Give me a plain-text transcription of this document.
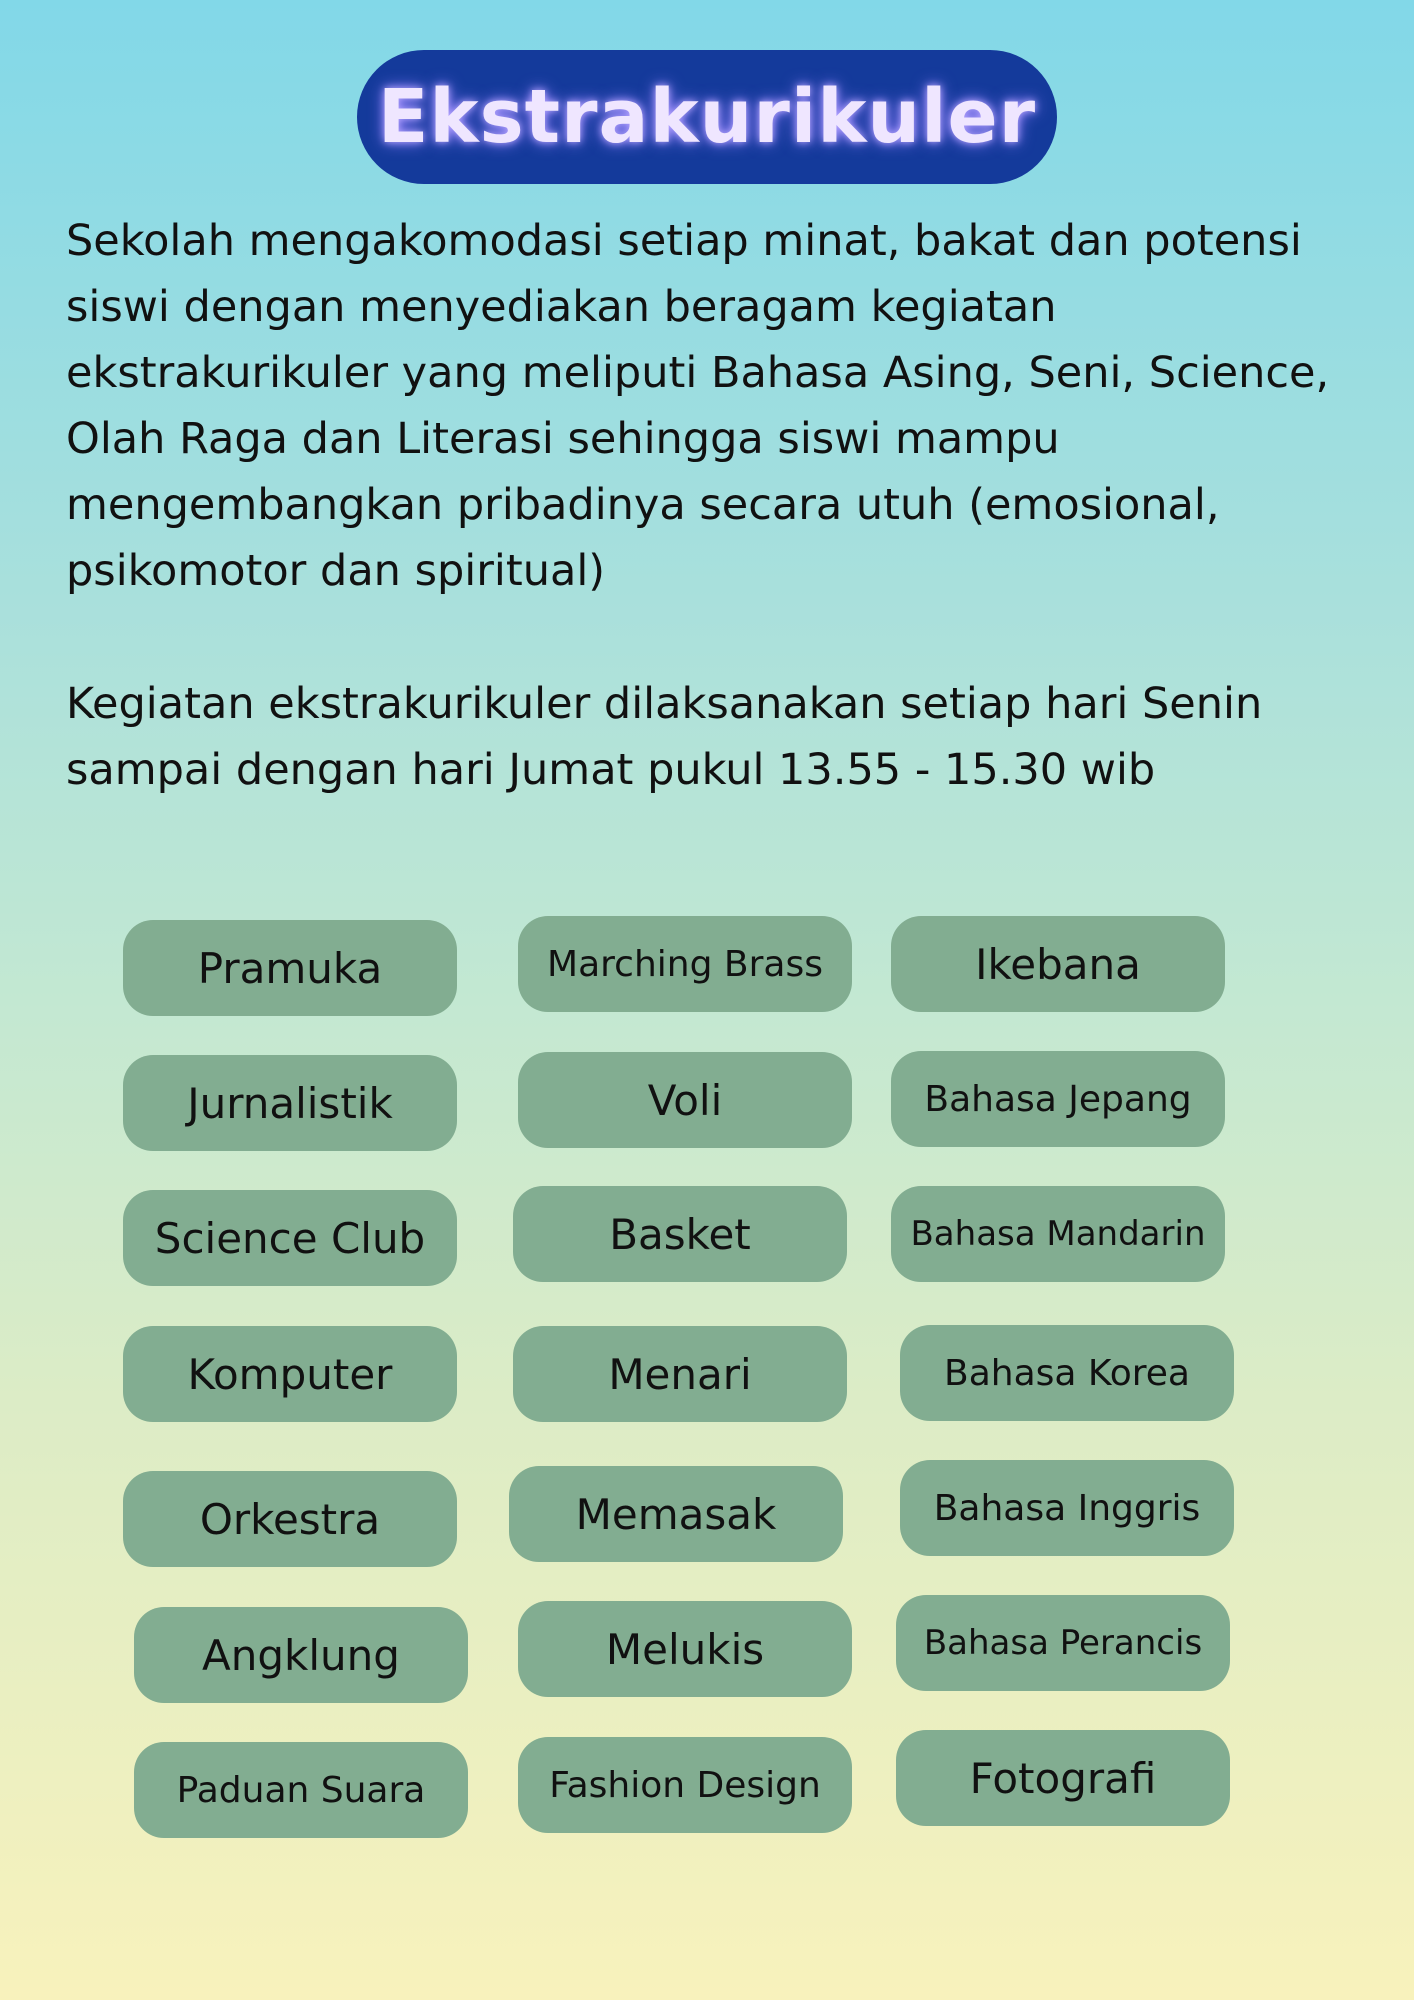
Ekstrakurikuler

Sekolah mengakomodasi setiap minat, bakat dan potensi siswi dengan menyediakan beragam kegiatan ekstrakurikuler yang meliputi Bahasa Asing, Seni, Science, Olah Raga dan Literasi sehingga siswi mampu mengembangkan pribadinya secara utuh (emosional, psikomotor dan spiritual)

Kegiatan ekstrakurikuler dilaksanakan setiap hari Senin sampai dengan hari Jumat pukul 13.55 - 15.30 wib

Pramuka	Marching Brass	Ikebana
Jurnalistik	Voli	Bahasa Jepang
Science Club	Basket	Bahasa Mandarin
Komputer	Menari	Bahasa Korea
Orkestra	Memasak	Bahasa Inggris
Angklung	Melukis	Bahasa Perancis
Paduan Suara	Fashion Design	Fotografi
